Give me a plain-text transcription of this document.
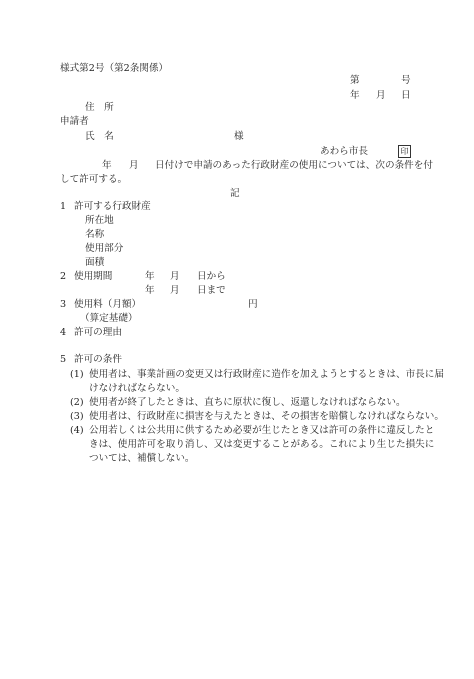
様式第2号（第2条関係）
第	号
年 月 日
住　所
申請者
氏　名	様
あわら市長	印
年 月 日付けで申請のあった行政財産の使用については、次の条件を付
して許可する。
記
1 許可する行政財産
所在地
名称
使用部分
面積
2 使用期間	年 月 日から
年 月 日まで
3 使用料（月額）	円
（算定基礎）
4 許可の理由
5 許可の条件
(1) 使用者は、事業計画の変更又は行政財産に造作を加えようとするときは、市長に届
けなければならない。
(2) 使用者が終了したときは、直ちに原状に復し、返還しなければならない。
(3) 使用者は、行政財産に損害を与えたときは、その損害を賠償しなければならない。
(4) 公用若しくは公共用に供するため必要が生じたとき又は許可の条件に違反したと
きは、使用許可を取り消し、又は変更することがある。これにより生じた損失に
ついては、補償しない。
